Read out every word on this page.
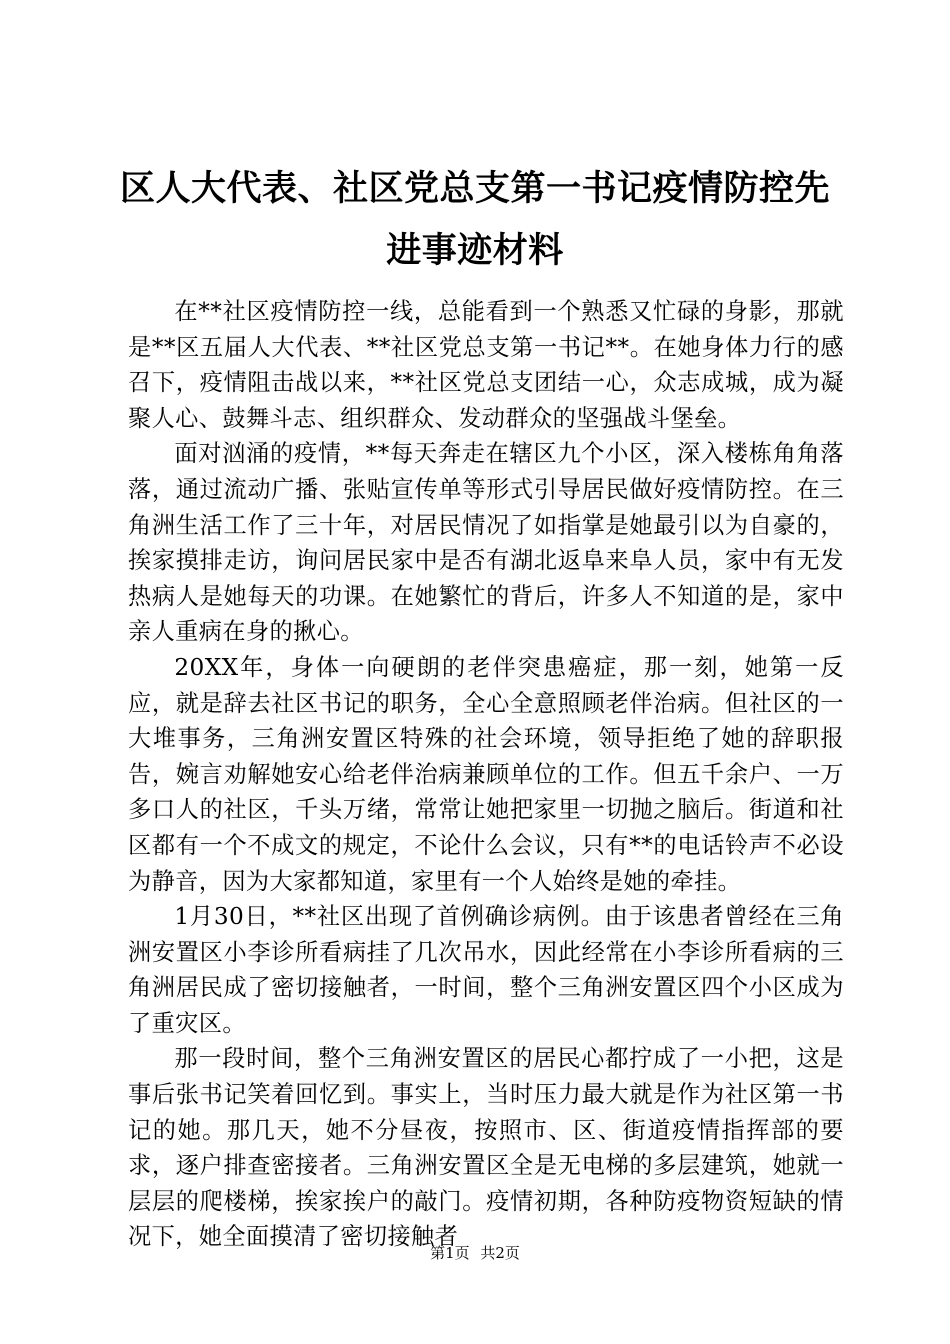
区人大代表、社区党总支第一书记疫情防控先进事迹材料

在**社区疫情防控一线，总能看到一个熟悉又忙碌的身影，那就是**区五届人大代表、**社区党总支第一书记**。在她身体力行的感召下，疫情阻击战以来，**社区党总支团结一心，众志成城，成为凝聚人心、鼓舞斗志、组织群众、发动群众的坚强战斗堡垒。

面对汹涌的疫情，**每天奔走在辖区九个小区，深入楼栋角角落落，通过流动广播、张贴宣传单等形式引导居民做好疫情防控。在三角洲生活工作了三十年，对居民情况了如指掌是她最引以为自豪的，挨家摸排走访，询问居民家中是否有湖北返阜来阜人员，家中有无发热病人是她每天的功课。在她繁忙的背后，许多人不知道的是，家中亲人重病在身的揪心。

20XX年，身体一向硬朗的老伴突患癌症，那一刻，她第一反应，就是辞去社区书记的职务，全心全意照顾老伴治病。但社区的一大堆事务，三角洲安置区特殊的社会环境，领导拒绝了她的辞职报告，婉言劝解她安心给老伴治病兼顾单位的工作。但五千余户、一万多口人的社区，千头万绪，常常让她把家里一切抛之脑后。街道和社区都有一个不成文的规定，不论什么会议，只有**的电话铃声不必设为静音，因为大家都知道，家里有一个人始终是她的牵挂。

1月30日，**社区出现了首例确诊病例。由于该患者曾经在三角洲安置区小李诊所看病挂了几次吊水，因此经常在小李诊所看病的三角洲居民成了密切接触者，一时间，整个三角洲安置区四个小区成为了重灾区。

那一段时间，整个三角洲安置区的居民心都拧成了一小把，这是事后张书记笑着回忆到。事实上，当时压力最大就是作为社区第一书记的她。那几天，她不分昼夜，按照市、区、街道疫情指挥部的要求，逐户排查密接者。三角洲安置区全是无电梯的多层建筑，她就一层层的爬楼梯，挨家挨户的敲门。疫情初期，各种防疫物资短缺的情况下，她全面摸清了密切接触者

第1页 共2页
